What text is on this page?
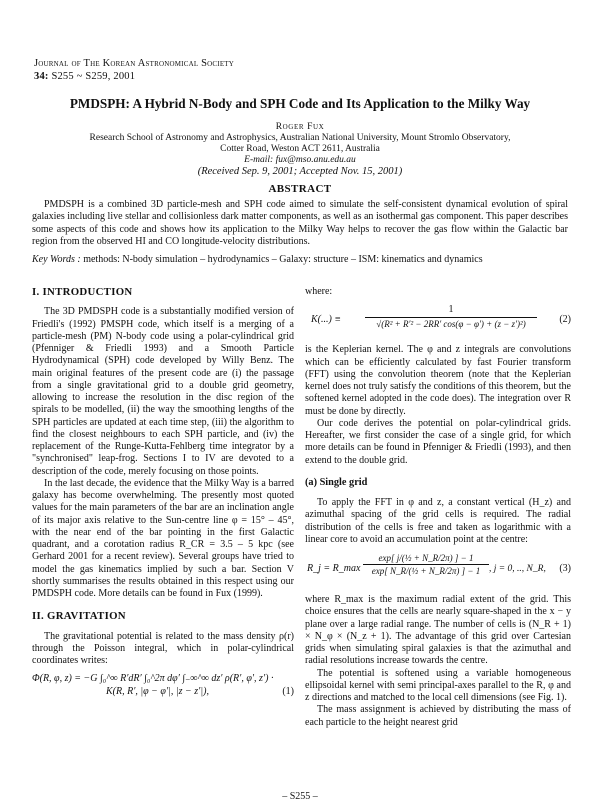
Journal of The Korean Astronomical Society
34: S255 ~ S259, 2001
PMDSPH: A Hybrid N-Body and SPH Code and Its Application to the Milky Way
Roger Fux
Research School of Astronomy and Astrophysics, Australian National University, Mount Stromlo Observatory,
Cotter Road, Weston ACT 2611, Australia
E-mail: fux@mso.anu.edu.au
(Received Sep. 9, 2001; Accepted Nov. 15, 2001)
ABSTRACT
PMDSPH is a combined 3D particle-mesh and SPH code aimed to simulate the self-consistent dynamical evolution of spiral galaxies including live stellar and collisionless dark matter components, as well as an isothermal gas component. This paper describes some aspects of this code and shows how its application to the Milky Way helps to recover the gas flow within the Galactic bar region from the observed HI and CO longitude-velocity distributions.
Key Words : methods: N-body simulation – hydrodynamics – Galaxy: structure – ISM: kinematics and dynamics
I. INTRODUCTION

The 3D PMDSPH code is a substantially modified version of Friedli's (1992) PMSPH code, which itself is a merging of a particle-mesh (PM) N-body code using a polar-cylindrical grid (Pfenniger & Friedli 1993) and a Smooth Particle Hydrodynamical (SPH) code developed by Willy Benz. The main original features of the present code are (i) the passage from a single gravitational grid to a double grid geometry, allowing to increase the resolution in the disc region of the spirals to be modelled, (ii) the way the smoothing lengths of the SPH particles are updated at each time step, (iii) the algorithm to find the closest neighbours to each SPH particle, and (iv) the replacement of the Runge-Kutta-Fehlberg time integrator by a "synchronised" leap-frog. Sections I to IV are devoted to a description of the code, merely focusing on those points.

In the last decade, the evidence that the Milky Way is a barred galaxy has become overwhelming. The presently most quoted values for the main parameters of the bar are an inclination angle of its major axis relative to the Sun-centre line φ = 15° – 45°, with the near end of the bar pointing in the first Galactic quadrant, and a corotation radius R_CR = 3.5 – 5 kpc (see Gerhard 2001 for a recent review). Several groups have tried to model the gas kinematics implied by such a bar. Section V shortly summarises the results obtained in this respect using our PMDSPH code. More details can be found in Fux (1999).

II. GRAVITATION

The gravitational potential is related to the mass density ρ(r) through the Poisson integral, which in polar-cylindrical coordinates writes:

Φ(R, φ, z) = −G ∫₀^∞ R′dR′ ∫₀^2π dφ′ ∫₋∞^∞ dz′ ρ(R′, φ′, z′) ·
K(R, R′, |φ − φ′|, |z − z′|),	(1)

where:

$K(...) \equiv \frac{1}{\text{√(R² + R′² − 2RR′ cos(φ − φ′) + (z − z′)²)}} (2)$

is the Keplerian kernel. The φ and z integrals are convolutions which can be efficiently calculated by fast Fourier transform (FFT) using the convolution theorem (note that the Keplerian kernel does not truly satisfy the conditions of this theorem, but the softened kernel adopted in the code does). The integration over R must be done by directly.

Our code derives the potential on polar-cylindrical grids. Hereafter, we first consider the case of a single grid, for which more details can be found in Pfenniger & Friedli (1993), and then extend to the double grid.

(a) Single grid

To apply the FFT in φ and z, a constant vertical (H_z) and azimuthal spacing of the grid cells is required. The radial distribution of the cells is free and taken as logarithmic with a linear core to avoid an accumulation point at the centre:

R_j = R_max $\frac{\text{exp[ j/(½ + N\_R/2π) ] − 1}}{\text{exp[ N\_R/(½ + N\_R/2π) ] − 1}}$ , j = 0, .., N_R, (3)

where R_max is the maximum radial extent of the grid. This choice ensures that the cells are nearly square-shaped in the x − y plane over a large radial range. The number of cells is (N_R + 1) × N_φ × (N_z + 1). The advantage of this grid over Cartesian grids when simulating spiral galaxies is that the azimuthal and radial resolutions increase towards the centre.

The potential is softened using a variable homogeneous ellipsoidal kernel with semi principal-axes parallel to the R, φ and z directions and matched to the local cell dimensions (see Fig. 1).

The mass assignment is achieved by distributing the mass of each particle to the height nearest grid

– S255 –
